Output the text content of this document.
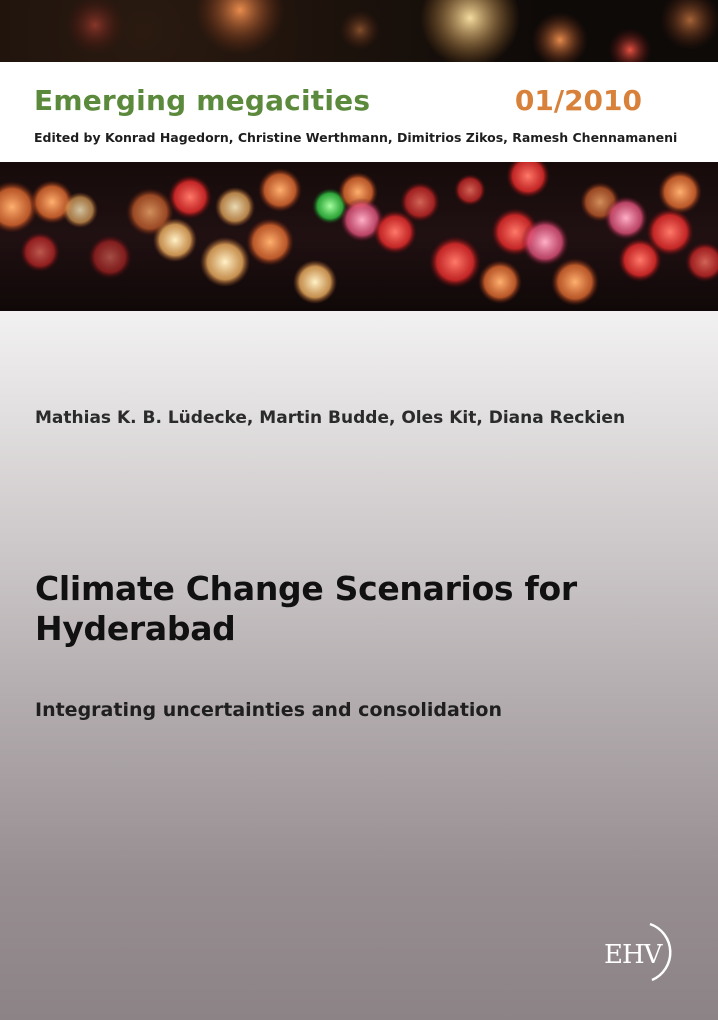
Emerging megacities	01/2010
Edited by Konrad Hagedorn, Christine Werthmann, Dimitrios Zikos, Ramesh Chennamaneni
Mathias K. B. Lüdecke, Martin Budde, Oles Kit, Diana Reckien
Climate Change Scenarios for Hyderabad
Integrating uncertainties and consolidation
EHV
